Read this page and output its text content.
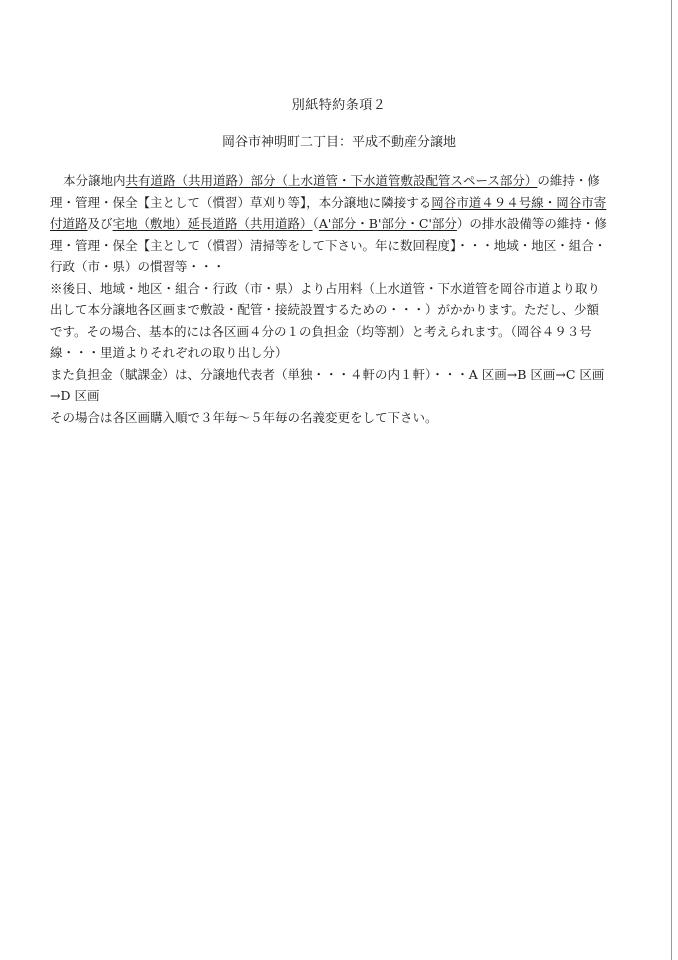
別紙特約条項２
岡谷市神明町二丁目：平成不動産分譲地

本分譲地内共有道路（共用道路）部分（上水道管・下水道管敷設配管スペース部分）の維持・修理・管理・保全【主として（慣習）草刈り等】，本分譲地に隣接する岡谷市道４９４号線・岡谷市寄付道路及び宅地（敷地）延長道路（共用道路）（A'部分・B'部分・C'部分）の排水設備等の維持・修理・管理・保全【主として（慣習）清掃等をして下さい。年に数回程度】・・・地域・地区・組合・行政（市・県）の慣習等・・・

※後日、地域・地区・組合・行政（市・県）より占用料（上水道管・下水道管を岡谷市道より取り出して本分譲地各区画まで敷設・配管・接続設置するための・・・）がかかります。ただし、少額です。その場合、基本的には各区画４分の１の負担金（均等割）と考えられます。（岡谷４９３号線・・・里道よりそれぞれの取り出し分）

また負担金（賦課金）は、分譲地代表者（単独・・・４軒の内１軒）・・・A 区画→B 区画→C 区画→D 区画

その場合は各区画購入順で３年毎～５年毎の名義変更をして下さい。
